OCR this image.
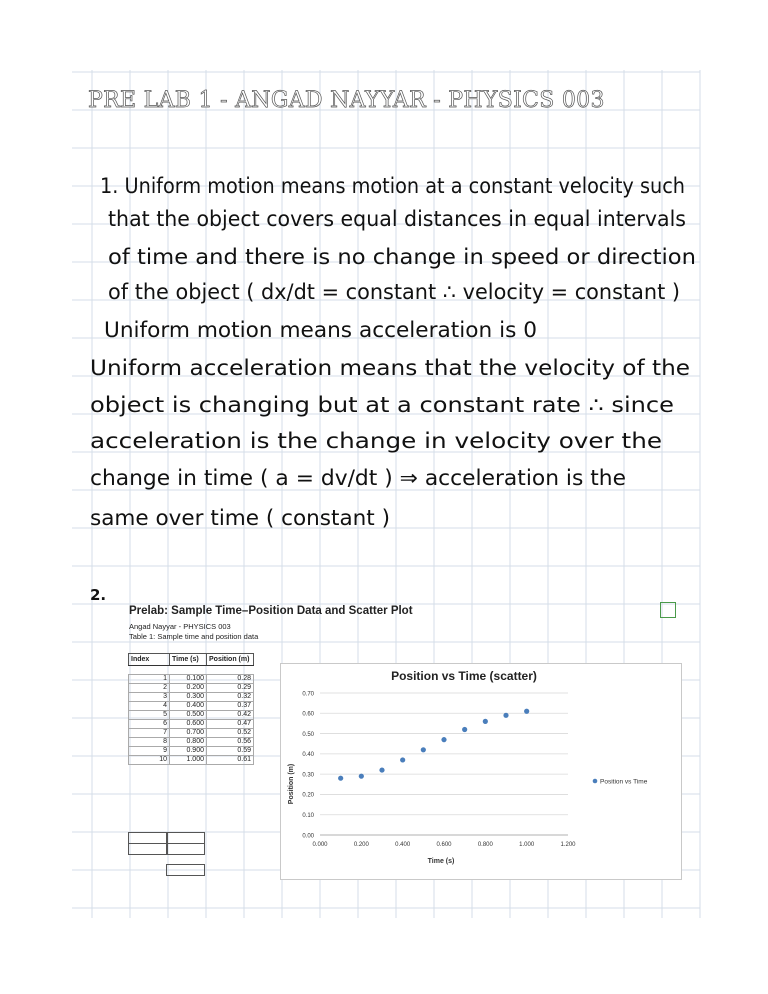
PRE LAB 1 - ANGAD NAYYAR - PHYSICS 003
1. Uniform motion means motion at a constant velocity such
that the object covers equal distances in equal intervals
of time and there is no change in speed or direction
of the object ( dx/dt = constant ∴ velocity = constant )
Uniform motion means acceleration is 0
Uniform acceleration means that the velocity of the
object is changing but at a constant rate ∴ since
acceleration is the change in velocity over the
change in time ( a = dv/dt ) ⇒ acceleration is the
same over time ( constant )
2.
Prelab: Sample Time–Position Data and Scatter Plot
Angad Nayyar - PHYSICS 003
Table 1: Sample time and position data
Index	Time (s)	Position (m)

1	0.100	0.28
2	0.200	0.29
3	0.300	0.32
4	0.400	0.37
5	0.500	0.42
6	0.600	0.47
7	0.700	0.52
8	0.800	0.56
9	0.900	0.59
10	1.000	0.61
Position vs Time (scatter)
Time (s)
Position (m)	Position vs Time
0.00
0.10
0.20
0.30
0.40
0.50
0.60
0.70
0.000	0.200	0.400	0.600	0.800	1.000	1.200
